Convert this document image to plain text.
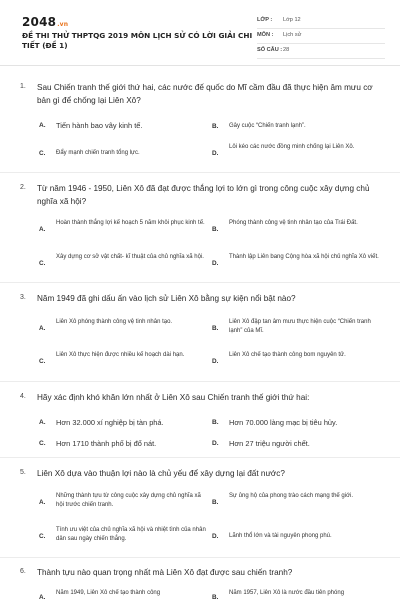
2048.vn
ĐỀ THI THỬ THPTQG 2019 MÔN LỊCH SỬ CÓ LỜI GIẢI CHI TIẾT (ĐỀ 1)
LỚP : Lớp 12
MÔN : Lịch sử
SỐ CÂU : 28
1. Sau Chiến tranh thế giới thứ hai, các nước đế quốc do Mĩ cầm đầu đã thực hiện âm mưu cơ bản gì để chống lại Liên Xô?
A. Tiến hành bao vây kinh tế.	B. Gây cuộc “Chiến tranh lạnh”.
C. Đẩy mạnh chiến tranh tổng lực.	D.
Lôi kéo các nước đồng minh chống lại Liên Xô.
2. Từ năm 1946 - 1950, Liên Xô đã đạt được thắng lợi to lớn gì trong công cuộc xây dựng chủ nghĩa xã hội?
A.
Hoàn thành thắng lợi kế hoạch 5 năm khôi phục kinh tế.
B.
Phóng thành công vệ tinh nhân tạo của Trái Đất.
C.
Xây dựng cơ sở vật chất- kĩ thuật của chủ nghĩa xã hội.
D.
Thành lập Liên bang Cộng hòa xã hội chủ nghĩa Xô viết.
3. Năm 1949 đã ghi dấu ấn vào lịch sử Liên Xô bằng sự kiện nổi bật nào?
A.
Liên Xô phóng thành công vệ tinh nhân tạo.
B.
Liên Xô đập tan âm mưu thực hiện cuộc “Chiến tranh lạnh” của Mĩ.
C.
Liên Xô thực hiện được nhiều kế hoạch dài hạn.
D.
Liên Xô chế tạo thành công bom nguyên tử.
4. Hãy xác định khó khăn lớn nhất ở Liên Xô sau Chiến tranh thế giới thứ hai:
A. Hơn 32.000 xí nghiệp bị tàn phá.	B. Hơn 70.000 làng mạc bị tiêu hủy.
C. Hơn 1710 thành phố bị đổ nát.	D. Hơn 27 triệu người chết.
5. Liên Xô dựa vào thuận lợi nào là chủ yếu để xây dựng lại đất nước?
A.
Những thành tựu từ công cuộc xây dựng chủ nghĩa xã hội trước chiến tranh.	B.
Sự ủng hộ của phong trào cách mạng thế giới.
C.
Tính ưu việt của chủ nghĩa xã hội và nhiệt tình của nhân dân sau ngày chiến thắng.	D. Lãnh thổ lớn và tài nguyên phong phú.
6. Thành tựu nào quan trọng nhất mà Liên Xô đạt được sau chiến tranh?
A.
Năm 1949, Liên Xô chế tạo thành công
B.
Năm 1957, Liên Xô là nước đầu tiên phóng
